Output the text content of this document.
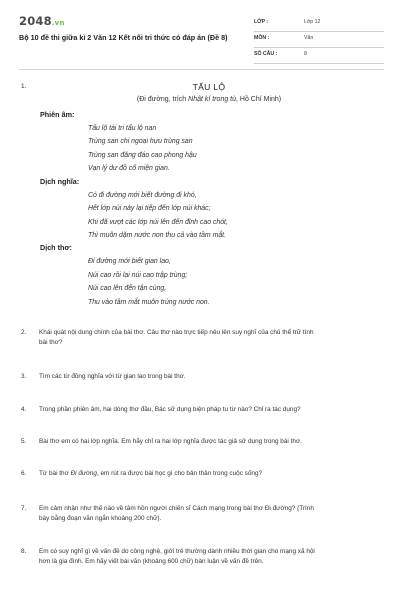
2048.vn
Bộ 10 đề thi giữa kì 2 Văn 12 Kết nối tri thức có đáp án (Đề 8)
LỚP :	Lớp 12
MÔN :	Văn
SỐ CÂU :	8
1.	TẨU LỘ
(Đi đường, trích Nhật kí trong tù, Hồ Chí Minh)
Phiên âm:
Tẩu lộ tài tri tẩu lộ nan
Trùng san chi ngoại hựu trùng san
Trùng san đăng đáo cao phong hậu
Vạn lý dư đồ cố miện gian.
Dịch nghĩa:
Có đi đường mới biết đường đi khó,
Hết lớp núi này lại tiếp đến lớp núi khác;
Khi đã vượt các lớp núi lên đến đỉnh cao chót,
Thì muôn dặm nước non thu cả vào tầm mắt.
Dịch thơ:
Đi đường mới biết gian lao,
Núi cao rồi lại núi cao trập trùng;
Núi cao lên đến tận cùng,
Thu vào tầm mắt muôn trùng nước non.
2. Khái quát nội dung chính của bài thơ. Câu thơ nào trực tiếp nêu lên suy nghĩ của chủ thể trữ tình
bài thơ?
3. Tìm các từ đồng nghĩa với từ gian lao trong bài thơ.
4. Trong phần phiên âm, hai dòng thơ đầu, Bác sử dụng biện pháp tu từ nào? Chỉ ra tác dụng?
5. Bài thơ em có hai lớp nghĩa. Em hãy chỉ ra hai lớp nghĩa được tác giả sử dụng trong bài thơ.
6. Từ bài thơ Đi đường, em rút ra được bài học gì cho bản thân trong cuộc sống?
7. Em cảm nhận như thế nào về tâm hồn người chiến sĩ Cách mạng trong bài thơ Đi đường? (Trình
bày bằng đoạn văn ngắn khoảng 200 chữ).
8. Em có suy nghĩ gì về vấn đề do công nghệ, giới trẻ thường dành nhiều thời gian cho mạng xã hội
hơn là gia đình. Em hãy viết bài văn (khoảng 600 chữ) bàn luận về vấn đề trên.
